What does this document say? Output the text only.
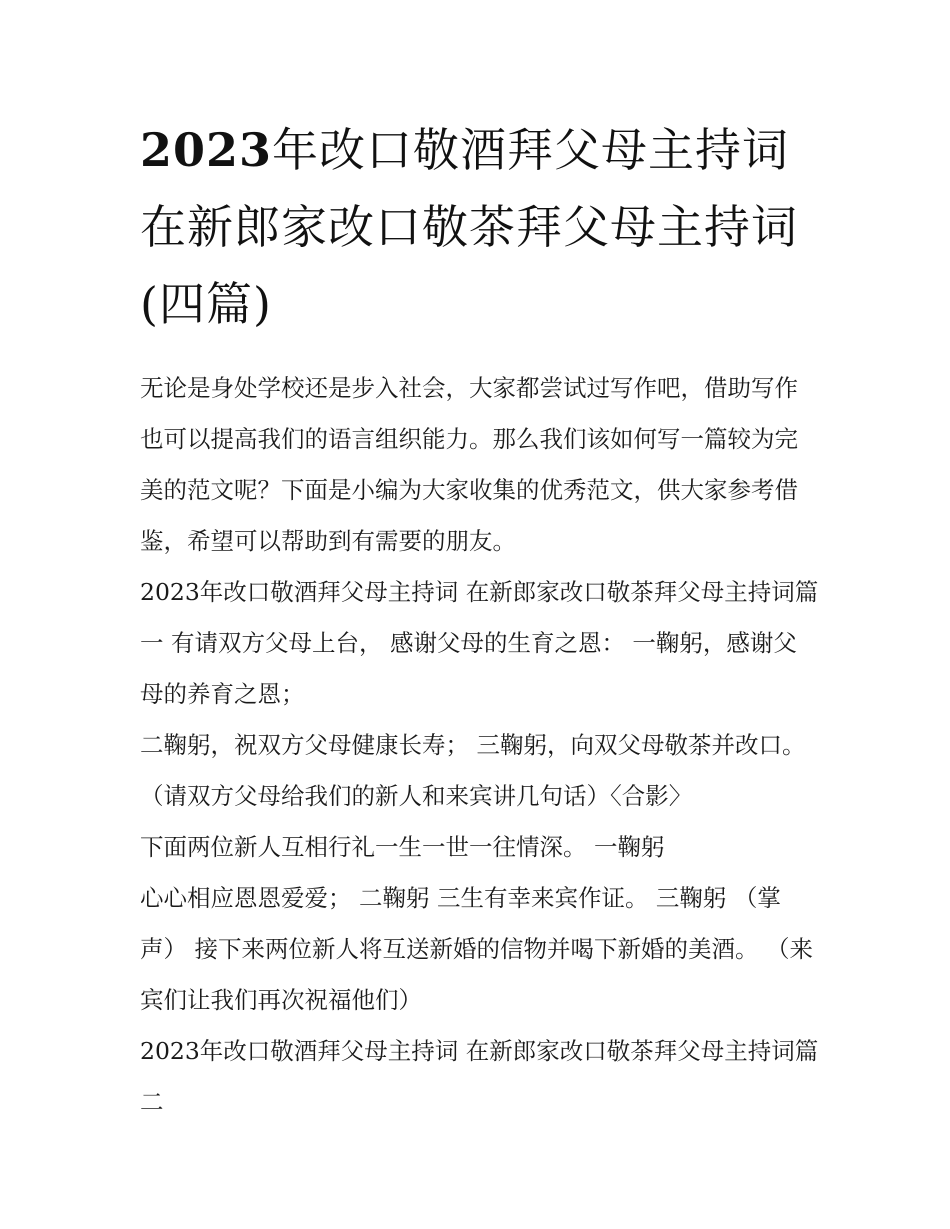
2023年改口敬酒拜父母主持词在新郎家改口敬茶拜父母主持词(四篇)

无论是身处学校还是步入社会，大家都尝试过写作吧，借助写作也可以提高我们的语言组织能力。那么我们该如何写一篇较为完美的范文呢？下面是小编为大家收集的优秀范文，供大家参考借鉴，希望可以帮助到有需要的朋友。

2023年改口敬酒拜父母主持词 在新郎家改口敬茶拜父母主持词篇一 有请双方父母上台， 感谢父母的生育之恩： 一鞠躬，感谢父母的养育之恩；

二鞠躬，祝双方父母健康长寿； 三鞠躬，向双父母敬茶并改口。 （请双方父母给我们的新人和来宾讲几句话）〈合影〉

下面两位新人互相行礼一生一世一往情深。 一鞠躬

心心相应恩恩爱爱； 二鞠躬 三生有幸来宾作证。 三鞠躬 （掌声） 接下来两位新人将互送新婚的信物并喝下新婚的美酒。 （来宾们让我们再次祝福他们）

2023年改口敬酒拜父母主持词 在新郎家改口敬茶拜父母主持词篇二
